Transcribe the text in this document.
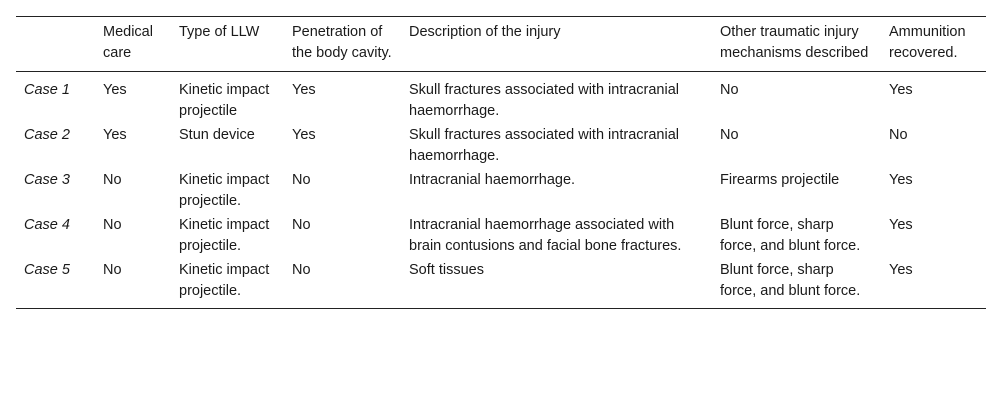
	Medical care	Type of LLW	Penetration of the body cavity.	Description of the injury	Other traumatic injury mechanisms described	Ammunition recovered.
Case 1	Yes	Kinetic impact projectile	Yes	Skull fractures associated with intracranial haemorrhage.	No	Yes
Case 2	Yes	Stun device	Yes	Skull fractures associated with intracranial haemorrhage.	No	No
Case 3	No	Kinetic impact projectile.	No	Intracranial haemorrhage.	Firearms projectile	Yes
Case 4	No	Kinetic impact projectile.	No	Intracranial haemorrhage associated with brain contusions and facial bone fractures.	Blunt force, sharp force, and blunt force.	Yes
Case 5	No	Kinetic impact projectile.	No	Soft tissues	Blunt force, sharp force, and blunt force.	Yes
